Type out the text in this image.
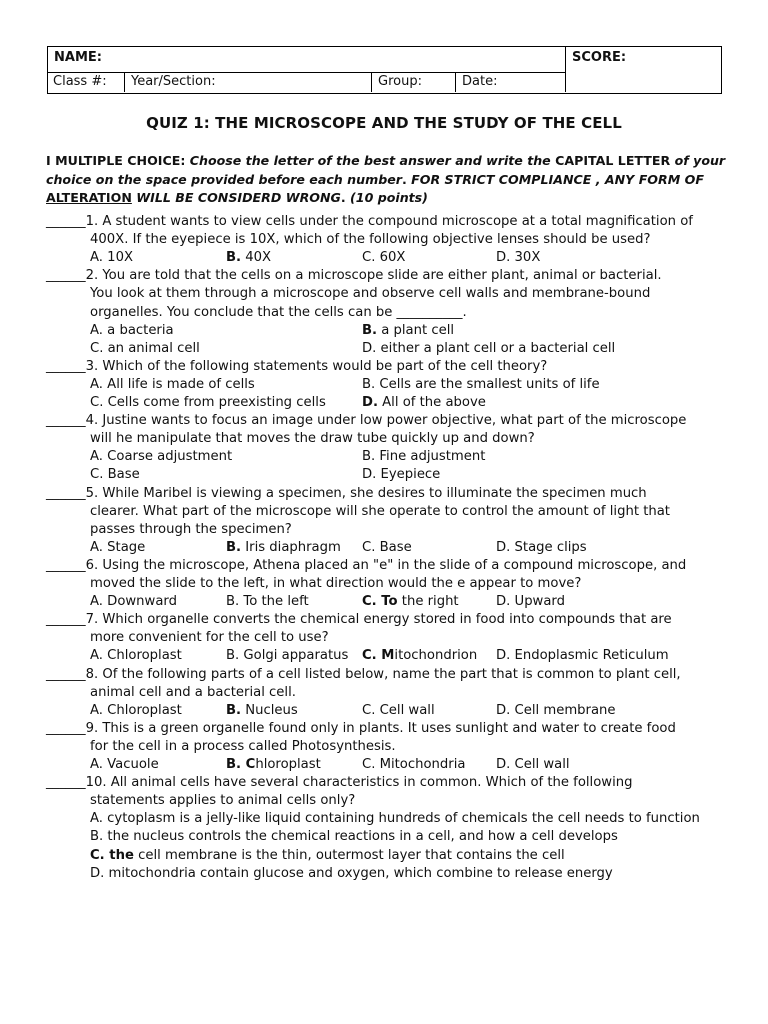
NAME:	SCORE:
Class #:	Year/Section:	Group:	Date:
QUIZ 1: THE MICROSCOPE AND THE STUDY OF THE CELL
I MULTIPLE CHOICE: Choose the letter of the best answer and write the CAPITAL LETTER of your choice on the space provided before each number. FOR STRICT COMPLIANCE , ANY FORM OF ALTERATION WILL BE CONSIDERD WRONG. (10 points)
______1. A student wants to view cells under the compound microscope at a total magnification of
400X. If the eyepiece is 10X, which of the following objective lenses should be used?
A. 10X	B. 40X	C. 60X	D. 30X
______2. You are told that the cells on a microscope slide are either plant, animal or bacterial.
You look at them through a microscope and observe cell walls and membrane-bound
organelles. You conclude that the cells can be __________.
A. a bacteria	B. a plant cell
C. an animal cell	D. either a plant cell or a bacterial cell
______3. Which of the following statements would be part of the cell theory?
A. All life is made of cells	B. Cells are the smallest units of life
C. Cells come from preexisting cells	D. All of the above
______4. Justine wants to focus an image under low power objective, what part of the microscope
will he manipulate that moves the draw tube quickly up and down?
A. Coarse adjustment	B. Fine adjustment
C. Base	D. Eyepiece
______5. While Maribel is viewing a specimen, she desires to illuminate the specimen much
clearer. What part of the microscope will she operate to control the amount of light that
passes through the specimen?
A. Stage	B. Iris diaphragm C. Base	D. Stage clips
______6. Using the microscope, Athena placed an "e" in the slide of a compound microscope, and
moved the slide to the left, in what direction would the e appear to move?
A. Downward	B. To the left	C. To the right	D. Upward
______7. Which organelle converts the chemical energy stored in food into compounds that are
more convenient for the cell to use?
A. Chloroplast	B. Golgi apparatus C. Mitochondrion D. Endoplasmic Reticulum
______8. Of the following parts of a cell listed below, name the part that is common to plant cell,
animal cell and a bacterial cell.
A. Chloroplast	B. Nucleus	C. Cell wall	D. Cell membrane
______9. This is a green organelle found only in plants. It uses sunlight and water to create food
for the cell in a process called Photosynthesis.
A. Vacuole	B. Chloroplast	C. Mitochondria D. Cell wall
______10. All animal cells have several characteristics in common. Which of the following
statements applies to animal cells only?
A. cytoplasm is a jelly-like liquid containing hundreds of chemicals the cell needs to function
B. the nucleus controls the chemical reactions in a cell, and how a cell develops
C. the cell membrane is the thin, outermost layer that contains the cell
D. mitochondria contain glucose and oxygen, which combine to release energy
